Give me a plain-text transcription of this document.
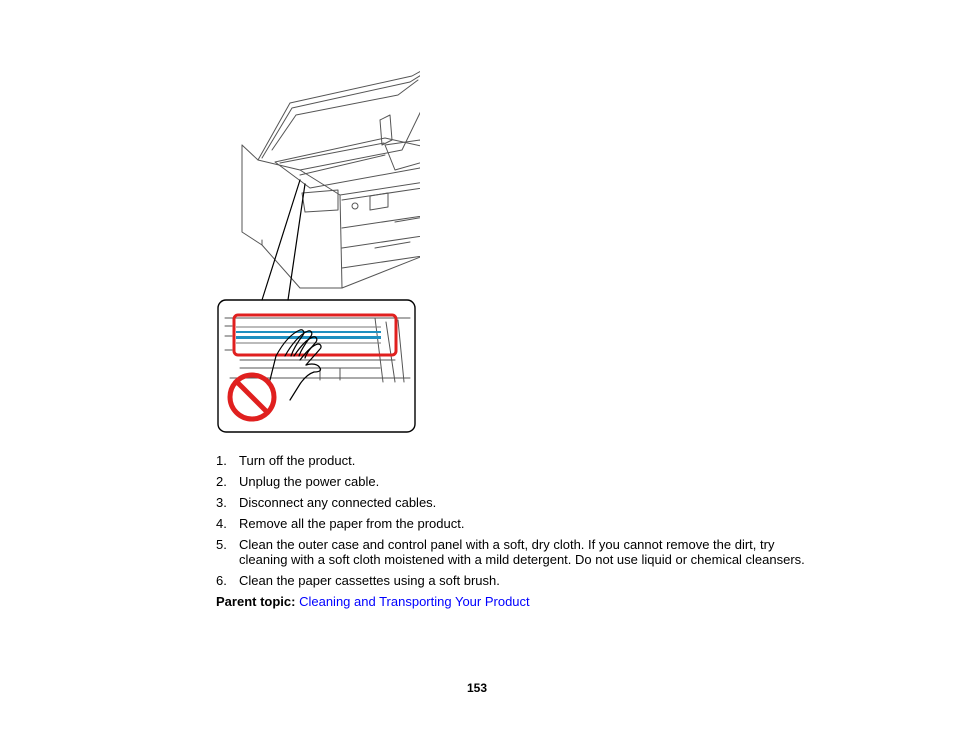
1. Turn off the product.
2. Unplug the power cable.
3. Disconnect any connected cables.
4. Remove all the paper from the product.
5. Clean the outer case and control panel with a soft, dry cloth. If you cannot remove the dirt, try cleaning with a soft cloth moistened with a mild detergent. Do not use liquid or chemical cleansers.
6. Clean the paper cassettes using a soft brush.
Parent topic: Cleaning and Transporting Your Product
153
